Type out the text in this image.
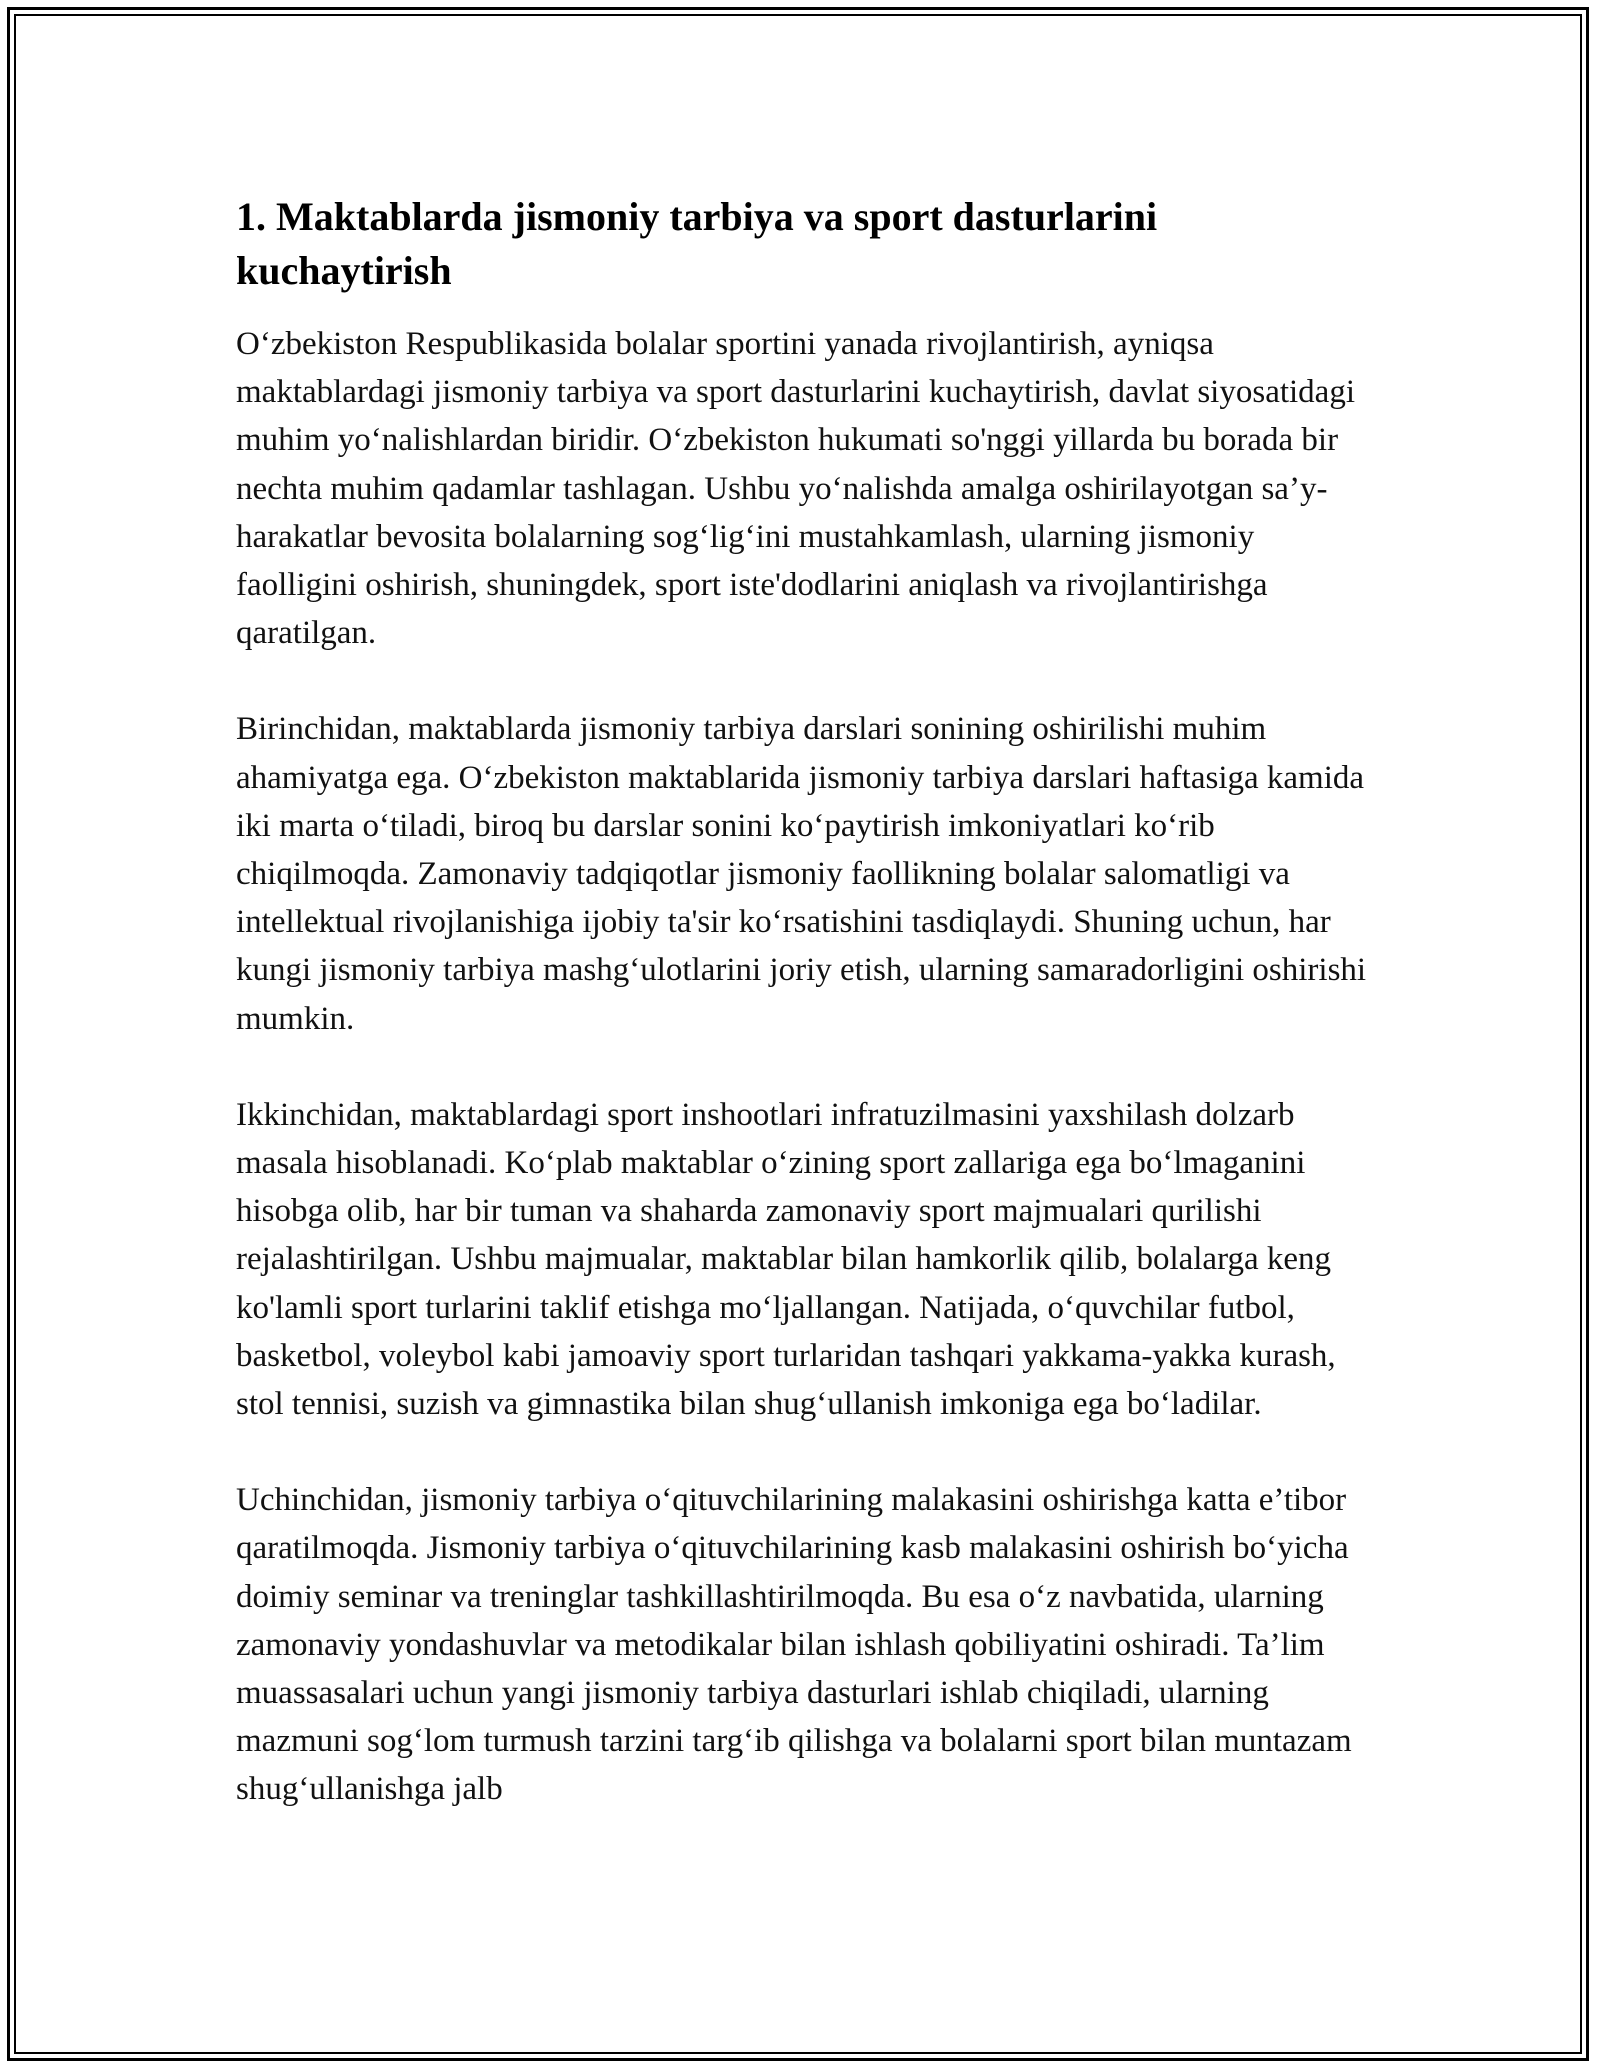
1. Maktablarda jismoniy tarbiya va sport dasturlarini kuchaytirish

O‘zbekiston Respublikasida bolalar sportini yanada rivojlantirish, ayniqsa maktablardagi jismoniy tarbiya va sport dasturlarini kuchaytirish, davlat siyosatidagi muhim yo‘nalishlardan biridir. O‘zbekiston hukumati so'nggi yillarda bu borada bir nechta muhim qadamlar tashlagan. Ushbu yo‘nalishda amalga oshirilayotgan sa’y-harakatlar bevosita bolalarning sog‘lig‘ini mustahkamlash, ularning jismoniy faolligini oshirish, shuningdek, sport iste'dodlarini aniqlash va rivojlantirishga qaratilgan.

Birinchidan, maktablarda jismoniy tarbiya darslari sonining oshirilishi muhim ahamiyatga ega. O‘zbekiston maktablarida jismoniy tarbiya darslari haftasiga kamida iki marta o‘tiladi, biroq bu darslar sonini ko‘paytirish imkoniyatlari ko‘rib chiqilmoqda. Zamonaviy tadqiqotlar jismoniy faollikning bolalar salomatligi va intellektual rivojlanishiga ijobiy ta'sir ko‘rsatishini tasdiqlaydi. Shuning uchun, har kungi jismoniy tarbiya mashg‘ulotlarini joriy etish, ularning samaradorligini oshirishi mumkin.

Ikkinchidan, maktablardagi sport inshootlari infratuzilmasini yaxshilash dolzarb masala hisoblanadi. Ko‘plab maktablar o‘zining sport zallariga ega bo‘lmaganini hisobga olib, har bir tuman va shaharda zamonaviy sport majmualari qurilishi rejalashtirilgan. Ushbu majmualar, maktablar bilan hamkorlik qilib, bolalarga keng ko'lamli sport turlarini taklif etishga mo‘ljallangan. Natijada, o‘quvchilar futbol, basketbol, voleybol kabi jamoaviy sport turlaridan tashqari yakkama-yakka kurash, stol tennisi, suzish va gimnastika bilan shug‘ullanish imkoniga ega bo‘ladilar.

Uchinchidan, jismoniy tarbiya o‘qituvchilarining malakasini oshirishga katta e’tibor qaratilmoqda. Jismoniy tarbiya o‘qituvchilarining kasb malakasini oshirish bo‘yicha doimiy seminar va treninglar tashkillashtirilmoqda. Bu esa o‘z navbatida, ularning zamonaviy yondashuvlar va metodikalar bilan ishlash qobiliyatini oshiradi. Ta’lim muassasalari uchun yangi jismoniy tarbiya dasturlari ishlab chiqiladi, ularning mazmuni sog‘lom turmush tarzini targ‘ib qilishga va bolalarni sport bilan muntazam shug‘ullanishga jalb
